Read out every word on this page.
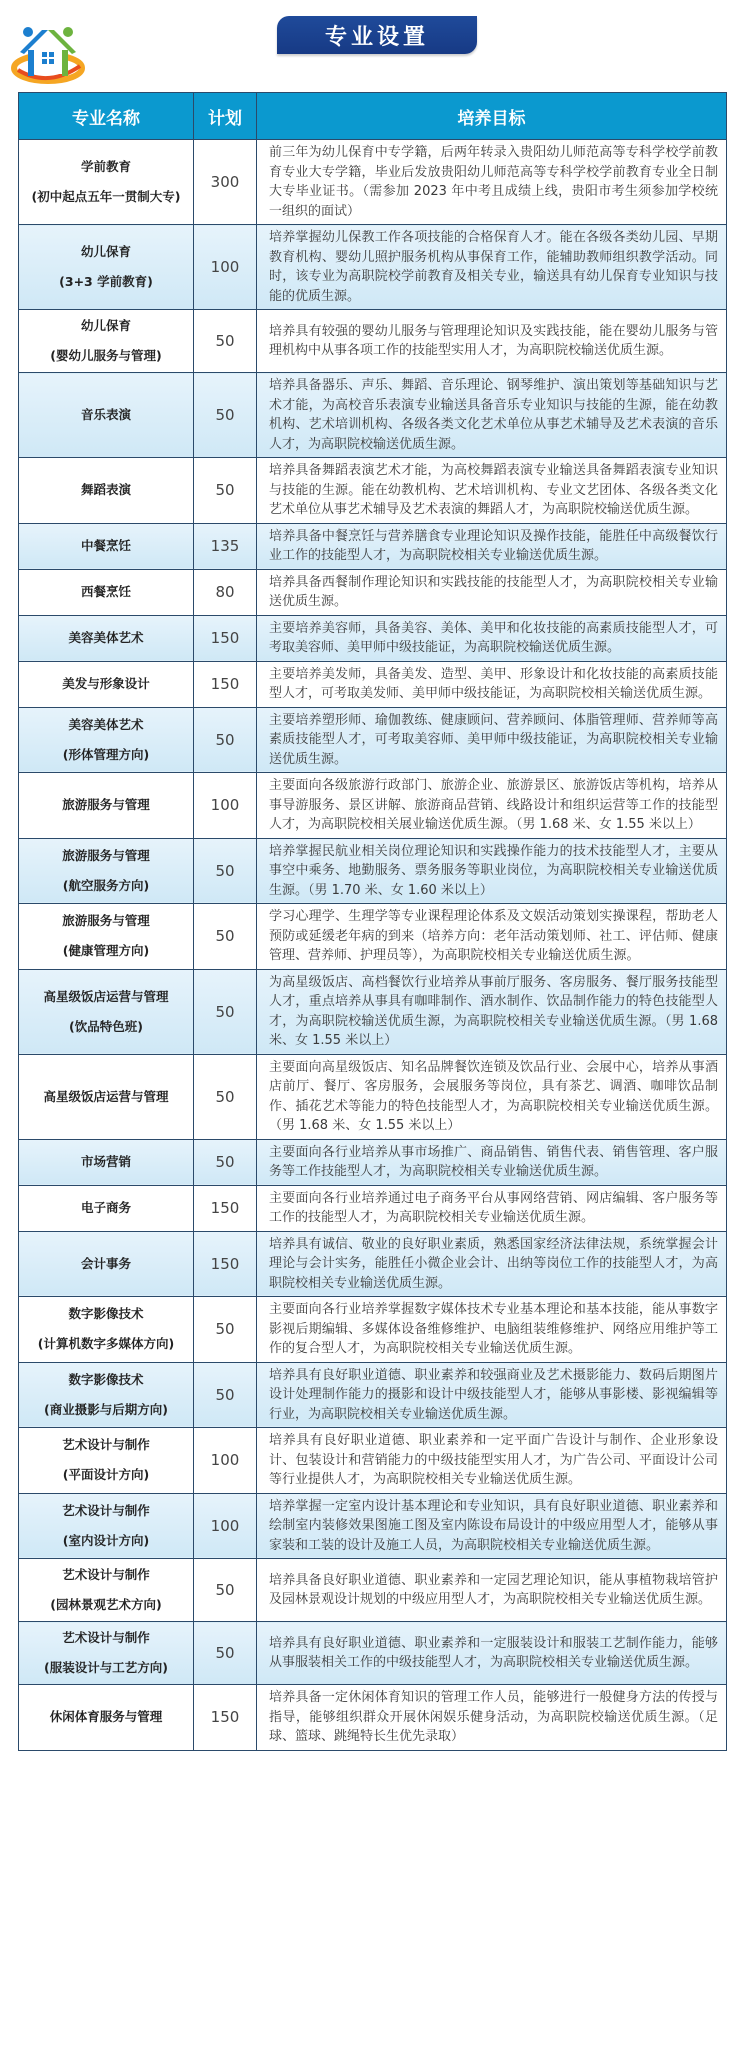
专业设置
专业名称	计划	培养目标

学前教育
(初中起点五年一贯制大专)	300	前三年为幼儿保育中专学籍，后两年转录入贵阳幼儿师范高等专科学校学前教育专业大专学籍，毕业后发放贵阳幼儿师范高等专科学校学前教育专业全日制大专毕业证书。（需参加 2023 年中考且成绩上线，贵阳市考生须参加学校统一组织的面试）

幼儿保育
(3+3 学前教育)	100	培养掌握幼儿保教工作各项技能的合格保育人才。能在各级各类幼儿园、早期教育机构、婴幼儿照护服务机构从事保育工作，能辅助教师组织教学活动。同时，该专业为高职院校学前教育及相关专业，输送具有幼儿保育专业知识与技能的优质生源。

幼儿保育
(婴幼儿服务与管理)	50	培养具有较强的婴幼儿服务与管理理论知识及实践技能，能在婴幼儿服务与管理机构中从事各项工作的技能型实用人才，为高职院校输送优质生源。

音乐表演	50	培养具备器乐、声乐、舞蹈、音乐理论、钢琴维护、演出策划等基础知识与艺术才能，为高校音乐表演专业输送具备音乐专业知识与技能的生源，能在幼教机构、艺术培训机构、各级各类文化艺术单位从事艺术辅导及艺术表演的音乐人才，为高职院校输送优质生源。

舞蹈表演	50	培养具备舞蹈表演艺术才能，为高校舞蹈表演专业输送具备舞蹈表演专业知识与技能的生源。能在幼教机构、艺术培训机构、专业文艺团体、各级各类文化艺术单位从事艺术辅导及艺术表演的舞蹈人才，为高职院校输送优质生源。

中餐烹饪	135	培养具备中餐烹饪与营养膳食专业理论知识及操作技能，能胜任中高级餐饮行业工作的技能型人才，为高职院校相关专业输送优质生源。

西餐烹饪	80	培养具备西餐制作理论知识和实践技能的技能型人才，为高职院校相关专业输送优质生源。

美容美体艺术	150	主要培养美容师，具备美容、美体、美甲和化妆技能的高素质技能型人才，可考取美容师、美甲师中级技能证，为高职院校输送优质生源。

美发与形象设计	150	主要培养美发师，具备美发、造型、美甲、形象设计和化妆技能的高素质技能型人才，可考取美发师、美甲师中级技能证，为高职院校相关输送优质生源。

美容美体艺术
(形体管理方向)	50	主要培养塑形师、瑜伽教练、健康顾问、营养顾问、体脂管理师、营养师等高素质技能型人才，可考取美容师、美甲师中级技能证，为高职院校相关专业输送优质生源。

旅游服务与管理	100	主要面向各级旅游行政部门、旅游企业、旅游景区、旅游饭店等机构，培养从事导游服务、景区讲解、旅游商品营销、线路设计和组织运营等工作的技能型人才，为高职院校相关展业输送优质生源。（男 1.68 米、女 1.55 米以上）

旅游服务与管理
(航空服务方向)	50	培养掌握民航业相关岗位理论知识和实践操作能力的技术技能型人才，主要从事空中乘务、地勤服务、票务服务等职业岗位，为高职院校相关专业输送优质生源。（男 1.70 米、女 1.60 米以上）

旅游服务与管理
(健康管理方向)	50	学习心理学、生理学等专业课程理论体系及文娱活动策划实操课程，帮助老人预防或延缓老年病的到来（培养方向：老年活动策划师、社工、评估师、健康管理、营养师、护理员等），为高职院校相关专业输送优质生源。

高星级饭店运营与管理
(饮品特色班)	50	为高星级饭店、高档餐饮行业培养从事前厅服务、客房服务、餐厅服务技能型人才，重点培养从事具有咖啡制作、酒水制作、饮品制作能力的特色技能型人才，为高职院校输送优质生源，为高职院校相关专业输送优质生源。（男 1.68 米、女 1.55 米以上）

高星级饭店运营与管理	50	主要面向高星级饭店、知名品牌餐饮连锁及饮品行业、会展中心，培养从事酒店前厅、餐厅、客房服务，会展服务等岗位，具有茶艺、调酒、咖啡饮品制作、插花艺术等能力的特色技能型人才，为高职院校相关专业输送优质生源。（男 1.68 米、女 1.55 米以上）

市场营销	50	主要面向各行业培养从事市场推广、商品销售、销售代表、销售管理、客户服务等工作技能型人才，为高职院校相关专业输送优质生源。

电子商务	150	主要面向各行业培养通过电子商务平台从事网络营销、网店编辑、客户服务等工作的技能型人才，为高职院校相关专业输送优质生源。

会计事务	150	培养具有诚信、敬业的良好职业素质，熟悉国家经济法律法规，系统掌握会计理论与会计实务，能胜任小微企业会计、出纳等岗位工作的技能型人才，为高职院校相关专业输送优质生源。

数字影像技术
(计算机数字多媒体方向)	50	主要面向各行业培养掌握数字媒体技术专业基本理论和基本技能，能从事数字影视后期编辑、多媒体设备维修维护、电脑组装维修维护、网络应用维护等工作的复合型人才，为高职院校相关专业输送优质生源。

数字影像技术
(商业摄影与后期方向)	50	培养具有良好职业道德、职业素养和较强商业及艺术摄影能力、数码后期图片设计处理制作能力的摄影和设计中级技能型人才，能够从事影楼、影视编辑等行业，为高职院校相关专业输送优质生源。

艺术设计与制作
(平面设计方向)	100	培养具有良好职业道德、职业素养和一定平面广告设计与制作、企业形象设计、包装设计和营销能力的中级技能型实用人才，为广告公司、平面设计公司等行业提供人才，为高职院校相关专业输送优质生源。

艺术设计与制作
(室内设计方向)	100	培养掌握一定室内设计基本理论和专业知识，具有良好职业道德、职业素养和绘制室内装修效果图施工图及室内陈设布局设计的中级应用型人才，能够从事家装和工装的设计及施工人员，为高职院校相关专业输送优质生源。

艺术设计与制作
(园林景观艺术方向)	50	培养具备良好职业道德、职业素养和一定园艺理论知识，能从事植物栽培管护及园林景观设计规划的中级应用型人才，为高职院校相关专业输送优质生源。

艺术设计与制作
(服装设计与工艺方向)	50	培养具有良好职业道德、职业素养和一定服装设计和服装工艺制作能力，能够从事服装相关工作的中级技能型人才，为高职院校相关专业输送优质生源。

休闲体育服务与管理	150	培养具备一定休闲体育知识的管理工作人员，能够进行一般健身方法的传授与指导，能够组织群众开展休闲娱乐健身活动，为高职院校输送优质生源。（足球、篮球、跳绳特长生优先录取）
